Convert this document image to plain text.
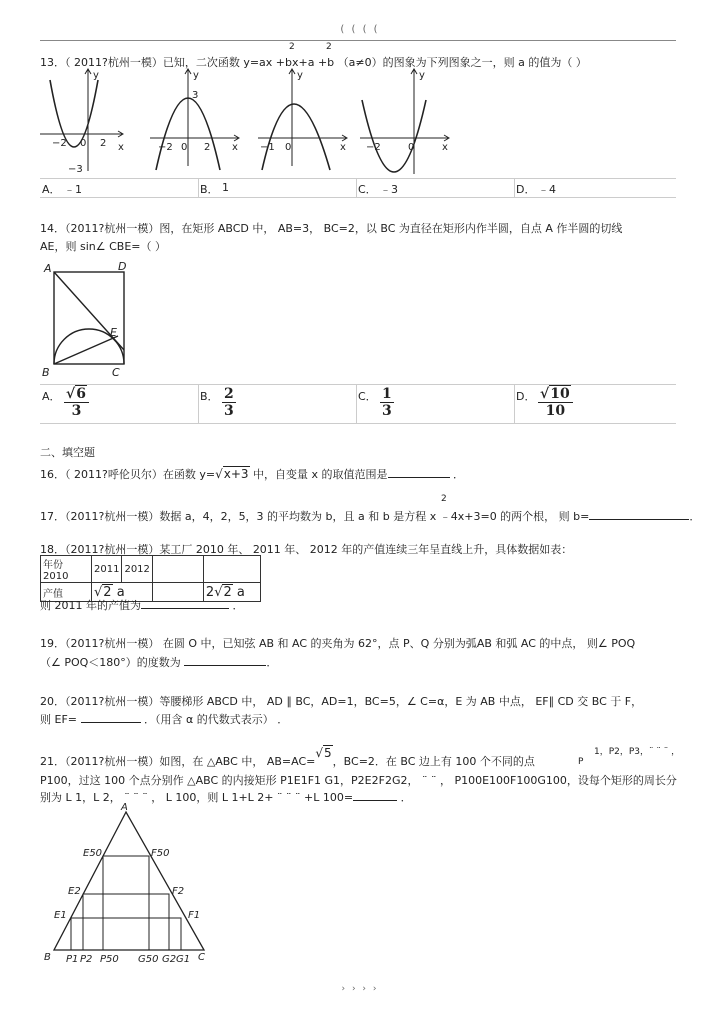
( ( ( (
13．（ 2011?杭州一模）已知，二次函数 y=ax +bx+a +b （a≠0）的图象为下列图象之一，则 a 的值为（ ）
2	2
y
x
0
−2	2
−3
y
x
0
−2	2
3
y
x
0
−1
y
x
0
−2
A． ﹣1	B． 1	C． ﹣3	D． ﹣4
14．（2011?杭州一模）图，在矩形 ABCD 中， AB=3， BC=2，以 BC 为直径在矩形内作半圆，自点 A 作半圆的切线
AE，则 sin∠ CBE=（ ）
A	D
E
B	C
A． $\frac{√6}{3}$	B． $\frac{2}{3}$	C． $\frac{1}{3}$	D． $\frac{√10}{10}$
二、填空题
16．（ 2011?呼伦贝尔）在函数 y=√x+3 中，自变量 x 的取值范围是	．
2
17．（2011?杭州一模）数据 a，4，2，5，3 的平均数为 b，且 a 和 b 是方程 x ﹣4x+3=0 的两个根， 则 b=	．
18．（2011?杭州一模）某工厂 2010 年、 2011 年、 2012 年的产值连续三年呈直线上升，具体数据如表：
年份 2010	2011	2012		
产值	√2 a			2√2 a
则 2011 年的产值为	．
19．（2011?杭州一模） 在圆 O 中，已知弦 AB 和 AC 的夹角为 62°，点 P、Q 分别为弧AB 和弧 AC 的中点， 则∠ POQ
（∠ POQ＜180°）的度数为	．
20．（2011?杭州一模）等腰梯形 ABCD 中， AD ∥ BC，AD=1，BC=5，∠ C=α，E 为 AB 中点， EF∥ CD 交 BC 于 F，
则 EF=	．（用含 α 的代数式表示） ．
21．（2011?杭州一模）如图，在 △ABC 中， AB=AC=√5，BC=2．在 BC 边上有 100 个不同的点	P
1，P2，P3，¨ ¨ ¨ ，
P100，过这 100 个点分别作 △ABC 的内接矩形 P1E1F1 G1，P2E2F2G2， ¨ ¨ ， P100E100F100G100，设每个矩形的周长分
别为 L 1，L 2， ¨ ¨ ¨ ， L 100，则 L 1+L 2+ ¨ ¨ ¨ +L 100=	．
A
B	C
E50	F50
E2	F2
E1	F1
P1 P2 P50 G50 G2 G1
› › › ›
